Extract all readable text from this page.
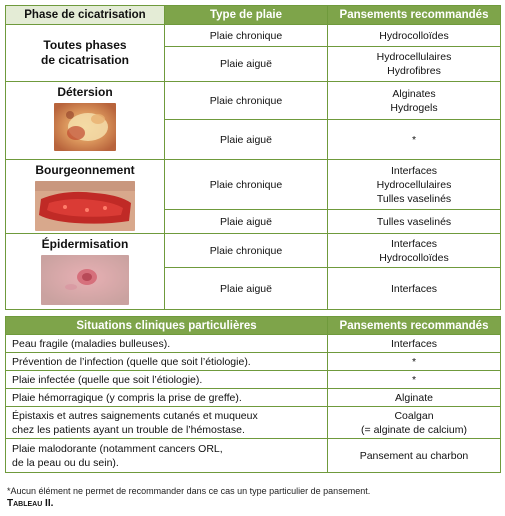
Phase de cicatrisation	Type de plaie	Pansements recommandés

Toutes phases
de cicatrisation	Plaie chronique	Hydrocolloïdes
	Plaie aiguë	Hydrocellulaires
Hydrofibres

Détersion	Plaie chronique	Alginates
Hydrogels
	Plaie aiguë	*

Bourgeonnement	Plaie chronique	Interfaces
Hydrocellulaires
Tulles vaselinés
	Plaie aiguë	Tulles vaselinés

Épidermisation	Plaie chronique	Interfaces
Hydrocolloïdes
	Plaie aiguë	Interfaces
Situations cliniques particulières	Pansements recommandés
Peau fragile (maladies bulleuses).	Interfaces
Prévention de l’infection (quelle que soit l’étiologie).	*
Plaie infectée (quelle que soit l’étiologie).	*
Plaie hémorragique (y compris la prise de greffe).	Alginate
Épistaxis et autres saignements cutanés et muqueux
chez les patients ayant un trouble de l’hémostase.	Coalgan
(= alginate de calcium)
Plaie malodorante (notamment cancers ORL,
de la peau ou du sein).	Pansement au charbon
*Aucun élément ne permet de recommander dans ce cas un type particulier de pansement.
Tableau II.
